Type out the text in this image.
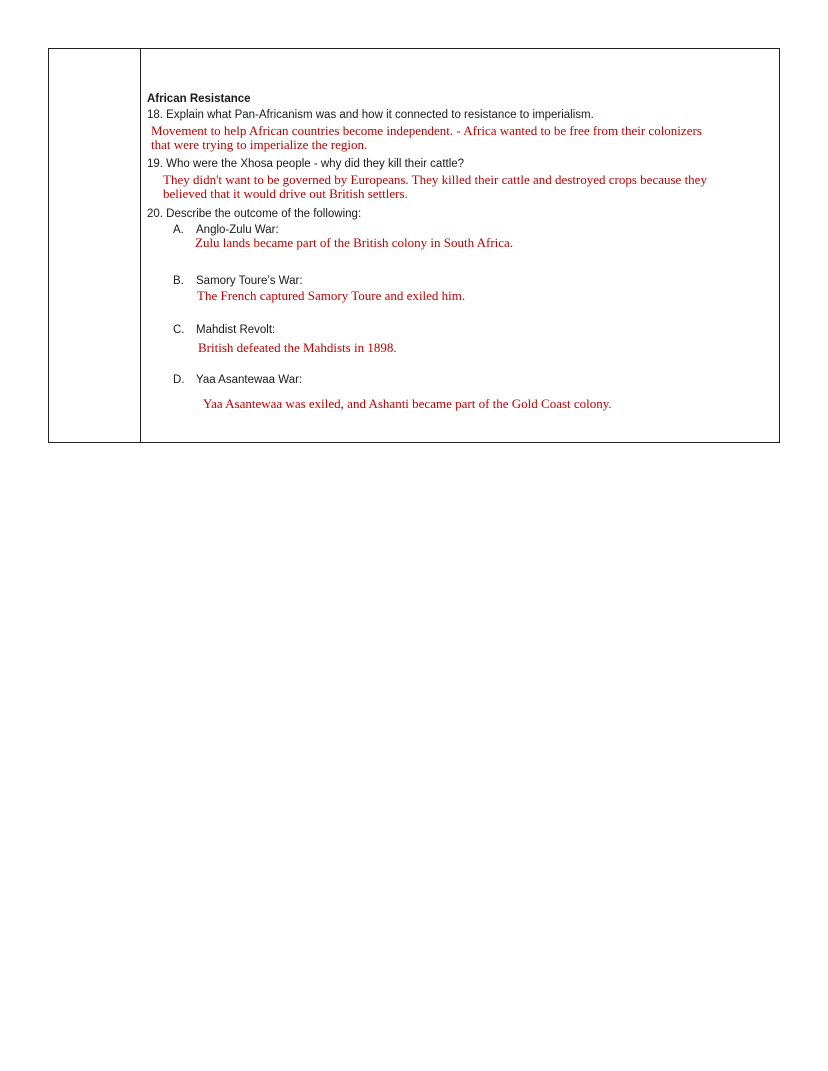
African Resistance
18. Explain what Pan-Africanism was and how it connected to resistance to imperialism.
Movement to help African countries become independent. - Africa wanted to be free from their colonizers
that were trying to imperialize the region.
19. Who were the Xhosa people - why did they kill their cattle?
They didn't want to be governed by Europeans. They killed their cattle and destroyed crops because they
believed that it would drive out British settlers.
20. Describe the outcome of the following:
A. Anglo-Zulu War:
Zulu lands became part of the British colony in South Africa.
B. Samory Toure’s War:
The French captured Samory Toure and exiled him.
C. Mahdist Revolt:
British defeated the Mahdists in 1898.
D. Yaa Asantewaa War:
Yaa Asantewaa was exiled, and Ashanti became part of the Gold Coast colony.
